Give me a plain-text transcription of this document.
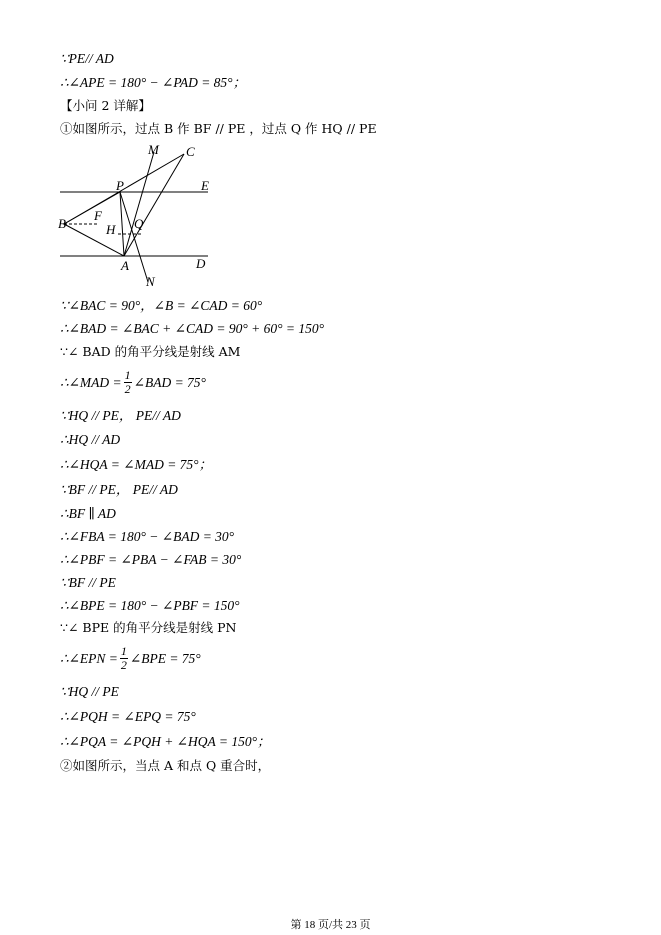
∵PE// AD
∴∠APE = 180° − ∠PAD = 85°；
【小问 2 详解】
①如图所示，过点 B 作 BF // PE ，过点 Q 作 HQ // PE
M C
P	E
B
F
H Q
A	D
N
∵∠BAC = 90°，∠B = ∠CAD = 60°
∴∠BAD = ∠BAC + ∠CAD = 90° + 60° = 150°
∵∠ BAD 的角平分线是射线 AM
∴∠MAD = $\frac{1}{2}$ ∠BAD = 75°
∵HQ // PE， PE// AD
∴HQ // AD
∴∠HQA = ∠MAD = 75°；
∵BF // PE， PE// AD
∴BF ∥ AD
∴∠FBA = 180° − ∠BAD = 30°
∴∠PBF = ∠PBA − ∠FAB = 30°
∵BF // PE
∴∠BPE = 180° − ∠PBF = 150°
∵∠ BPE 的角平分线是射线 PN
∴∠EPN = $\frac{1}{2}$ ∠BPE = 75°
∵HQ // PE
∴∠PQH = ∠EPQ = 75°
∴∠PQA = ∠PQH + ∠HQA = 150°；
②如图所示，当点 A 和点 Q 重合时，
第 18 页/共 23 页
